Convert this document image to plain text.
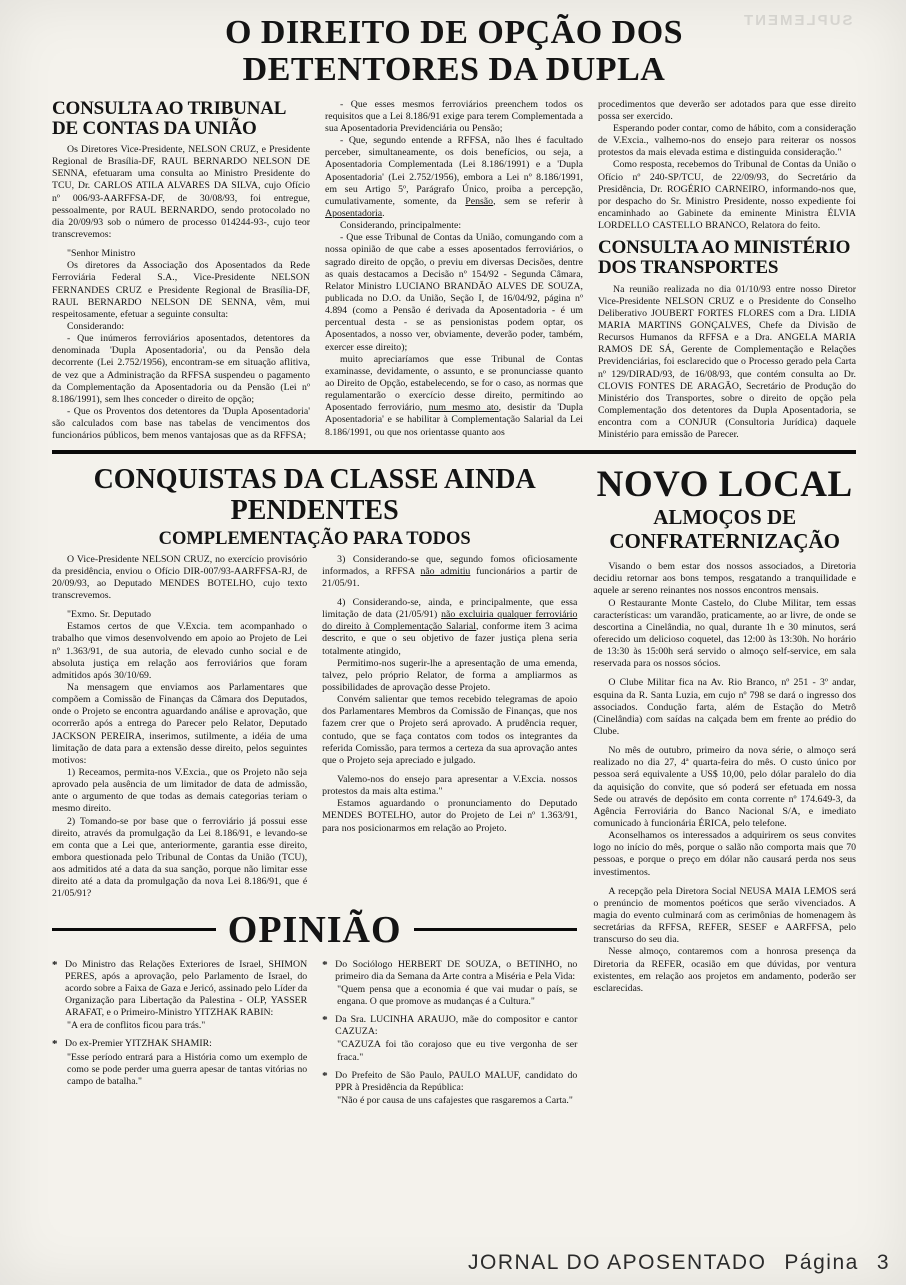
SUPLEMENT
O DIREITO DE OPÇÃO DOS
DETENTORES DA DUPLA
CONSULTA AO TRIBUNAL DE CONTAS DA UNIÃO

Os Diretores Vice-Presidente, NELSON CRUZ, e Presidente Regional de Brasília-DF, RAUL BERNARDO NELSON DE SENNA, efetuaram uma consulta ao Ministro Presidente do TCU, Dr. CARLOS ATILA ALVARES DA SILVA, cujo Ofício nº 006/93-AARFFSA-DF, de 30/08/93, foi entregue, pessoalmente, por RAUL BERNARDO, sendo protocolado no dia 20/09/93 sob o número de processo 014244-93-, cujo teor transcrevemos:

"Senhor Ministro

Os diretores da Associação dos Aposentados da Rede Ferroviária Federal S.A., Vice-Presidente NELSON FERNANDES CRUZ e Presidente Regional de Brasília-DF, RAUL BERNARDO NELSON DE SENNA, vêm, mui respeitosamente, efetuar a seguinte consulta:

Considerando:

- Que inúmeros ferroviários aposentados, detentores da denominada 'Dupla Aposentadoria', ou da Pensão dela decorrente (Lei 2.752/1956), encontram-se em situação aflitiva, de vez que a Administração da RFFSA suspendeu o pagamento da Complementação da Aposentadoria ou da Pensão (Lei nº 8.186/1991), sem lhes conceder o direito de opção;

- Que os Proventos dos detentores da 'Dupla Aposentadoria' são calculados com base nas tabelas de vencimentos dos funcionários públicos, bem menos vantajosas que as da RFFSA;

- Que esses mesmos ferroviários preenchem todos os requisitos que a Lei 8.186/91 exige para terem Complementada a sua Aposentadoria Previdenciária ou Pensão;

- Que, segundo entende a RFFSA, não lhes é facultado perceber, simultaneamente, os dois benefícios, ou seja, a Aposentadoria Complementada (Lei 8.186/1991) e a 'Dupla Aposentadoria' (Lei 2.752/1956), embora a Lei nº 8.186/1991, em seu Artigo 5º, Parágrafo Único, proiba a percepção, cumulativamente, somente, da Pensão, sem se referir à Aposentadoria.

Considerando, principalmente:

- Que esse Tribunal de Contas da União, comungando com a nossa opinião de que cabe a esses aposentados ferroviários, o sagrado direito de opção, o previu em diversas Decisões, dentre as quais destacamos a Decisão nº 154/92 - Segunda Câmara, Relator Ministro LUCIANO BRANDÃO ALVES DE SOUZA, publicada no D.O. da União, Seção I, de 16/04/92, página nº 4.894 (como a Pensão é derivada da Aposentadoria - é um percentual desta - se as pensionistas podem optar, os Aposentados, a nosso ver, obviamente, deverão poder, também, exercer esse direito);

muito apreciaríamos que esse Tribunal de Contas examinasse, devidamente, o assunto, e se pronunciasse quanto ao Direito de Opção, estabelecendo, se for o caso, as normas que regulamentarão o exercício desse direito, permitindo ao Aposentado ferroviário, num mesmo ato, desistir da 'Dupla Aposentadoria' e se habilitar à Complementação Salarial da Lei 8.186/1991, ou que nos orientasse quanto aos

procedimentos que deverão ser adotados para que esse direito possa ser exercido.

Esperando poder contar, como de hábito, com a consideração de V.Excia., valhemo-nos do ensejo para reiterar os nossos protestos da mais elevada estima e distinguida consideração."

Como resposta, recebemos do Tribunal de Contas da União o Ofício nº 240-SP/TCU, de 22/09/93, do Secretário da Presidência, Dr. ROGÉRIO CARNEIRO, informando-nos que, por despacho do Sr. Ministro Presidente, nosso expediente foi encaminhado ao Gabinete da eminente Ministra ÉLVIA LORDELLO CASTELLO BRANCO, Relatora do feito.

CONSULTA AO MINISTÉRIO DOS TRANSPORTES

Na reunião realizada no dia 01/10/93 entre nosso Diretor Vice-Presidente NELSON CRUZ e o Presidente do Conselho Deliberativo JOUBERT FORTES FLORES com a Dra. LIDIA MARIA MARTINS GONÇALVES, Chefe da Divisão de Recursos Humanos da RFFSA e a Dra. ANGELA MARIA RAMOS DE SÁ, Gerente de Complementação e Relações Previdenciárias, foi esclarecido que o Processo gerado pela Carta nº 129/DIRAD/93, de 16/08/93, que contém consulta ao Dr. CLOVIS FONTES DE ARAGÃO, Secretário de Produção do Ministério dos Transportes, sobre o direito de opção pela Complementação dos detentores da Dupla Aposentadoria, se encontra com a CONJUR (Consultoria Jurídica) daquele Ministério para emissão de Parecer.

CONQUISTAS DA CLASSE AINDA
PENDENTES
COMPLEMENTAÇÃO PARA TODOS

O Vice-Presidente NELSON CRUZ, no exercício provisório da presidência, enviou o Ofício DIR-007/93-AARFFSA-RJ, de 20/09/93, ao Deputado MENDES BOTELHO, cujo texto transcrevemos.

"Exmo. Sr. Deputado

Estamos certos de que V.Excia. tem acompanhado o trabalho que vimos desenvolvendo em apoio ao Projeto de Lei nº 1.363/91, de sua autoria, de elevado cunho social e de absoluta justiça em relação aos ferroviários que foram admitidos após 30/10/69.

Na mensagem que enviamos aos Parlamentares que compõem a Comissão de Finanças da Câmara dos Deputados, onde o Projeto se encontra aguardando análise e aprovação, que ocorrerão após a entrega do Parecer pelo Relator, Deputado JACKSON PEREIRA, inserimos, sutilmente, a idéia de uma limitação de data para a extensão desse direito, pelos seguintes motivos:

1) Receamos, permita-nos V.Excia., que os Projeto não seja aprovado pela ausência de um limitador de data de admissão, ante o argumento de que todas as demais categorias teriam o mesmo direito.

2) Tomando-se por base que o ferroviário já possui esse direito, através da promulgação da Lei 8.186/91, e levando-se em conta que a Lei que, anteriormente, garantia esse direito, embora questionada pelo Tribunal de Contas da União (TCU), aos admitidos até a data da sua sanção, porque não limitar esse direito até a data da promulgação da nova Lei 8.186/91, que é 21/05/91?

3) Considerando-se que, segundo fomos oficiosamente informados, a RFFSA não admitiu funcionários a partir de 21/05/91.

4) Considerando-se, ainda, e principalmente, que essa limitação de data (21/05/91) não excluiria qualquer ferroviário do direito à Complementação Salarial, conforme item 3 acima descrito, e que o seu objetivo de fazer justiça plena seria totalmente atingido,

Permitimo-nos sugerir-lhe a apresentação de uma emenda, talvez, pelo próprio Relator, de forma a ampliarmos as possibilidades de aprovação desse Projeto.

Convém salientar que temos recebido telegramas de apoio dos Parlamentares Membros da Comissão de Finanças, que nos fazem crer que o Projeto será aprovado. A prudência requer, contudo, que se faça contatos com todos os integrantes da referida Comissão, para termos a certeza da sua aprovação antes que o Projeto seja apreciado e julgado.

Valemo-nos do ensejo para apresentar a V.Excia. nossos protestos da mais alta estima."

Estamos aguardando o pronunciamento do Deputado MENDES BOTELHO, autor do Projeto de Lei nº 1.363/91, para nos posicionarmos em relação ao Projeto.

OPINIÃO
* Do Ministro das Relações Exteriores de Israel, SHIMON PERES, após a aprovação, pelo Parlamento de Israel, do acordo sobre a Faixa de Gaza e Jericó, assinado pelo Líder da Organização para Libertação da Palestina - OLP, YASSER ARAFAT, e o Primeiro-Ministro YITZHAK RABIN:

"A era de conflitos ficou para trás."

* Do ex-Premier YITZHAK SHAMIR:

"Esse período entrará para a História como um exemplo de como se pode perder uma guerra apesar de tantas vitórias no campo de batalha."

* Do Sociólogo HERBERT DE SOUZA, o BETINHO, no primeiro dia da Semana da Arte contra a Miséria e Pela Vida:

"Quem pensa que a economia é que vai mudar o país, se engana. O que promove as mudanças é a Cultura."

* Da Sra. LUCINHA ARAUJO, mãe do compositor e cantor CAZUZA:

"CAZUZA foi tão corajoso que eu tive vergonha de ser fraca."

* Do Prefeito de São Paulo, PAULO MALUF, candidato do PPR à Presidência da República:

"Não é por causa de uns cafajestes que rasgaremos a Carta."

NOVO LOCAL
ALMOÇOS DE
CONFRATERNIZAÇÃO

Visando o bem estar dos nossos associados, a Diretoria decidiu retornar aos bons tempos, resgatando a tranquilidade e aquele ar sereno reinantes nos nossos encontros mensais.

O Restaurante Monte Castelo, do Clube Militar, tem essas características: um varandão, praticamente, ao ar livre, de onde se descortina a Cinelândia, no qual, durante 1h e 30 minutos, será oferecido um delicioso coquetel, das 12:00 às 13:30h. No horário de 13:30 às 15:00h será servido o almoço self-service, em sala reservada para os nossos sócios.

O Clube Militar fica na Av. Rio Branco, nº 251 - 3º andar, esquina da R. Santa Luzia, em cujo nº 798 se dará o ingresso dos associados. Condução farta, além de Estação do Metrô (Cinelândia) com saídas na calçada bem em frente ao prédio do Clube.

No mês de outubro, primeiro da nova série, o almoço será realizado no dia 27, 4ª quarta-feira do mês. O custo único por pessoa será equivalente a US$ 10,00, pelo dólar paralelo do dia da aquisição do convite, que só poderá ser efetuada em nossa Sede ou através de depósito em conta corrente nº 174.649-3, da Agência Ferroviária do Banco Nacional S/A, e imediato comunicado à funcionária ÉRICA, pelo telefone.

Aconselhamos os interessados a adquirirem os seus convites logo no início do mês, porque o salão não comporta mais que 70 pessoas, e porque o preço em dólar não causará perda nos seus investimentos.

A recepção pela Diretora Social NEUSA MAIA LEMOS será o prenúncio de momentos poéticos que serão vivenciados. A magia do evento culminará com as cerimônias de homenagem às secretárias da RFFSA, REFER, SESEF e AARFFSA, pelo transcurso do seu dia.

Nesse almoço, contaremos com a honrosa presença da Diretoria da REFER, ocasião em que dúvidas, por ventura existentes, em relação aos projetos em andamento, poderão ser esclarecidas.

JORNAL DO APOSENTADO Página 3
